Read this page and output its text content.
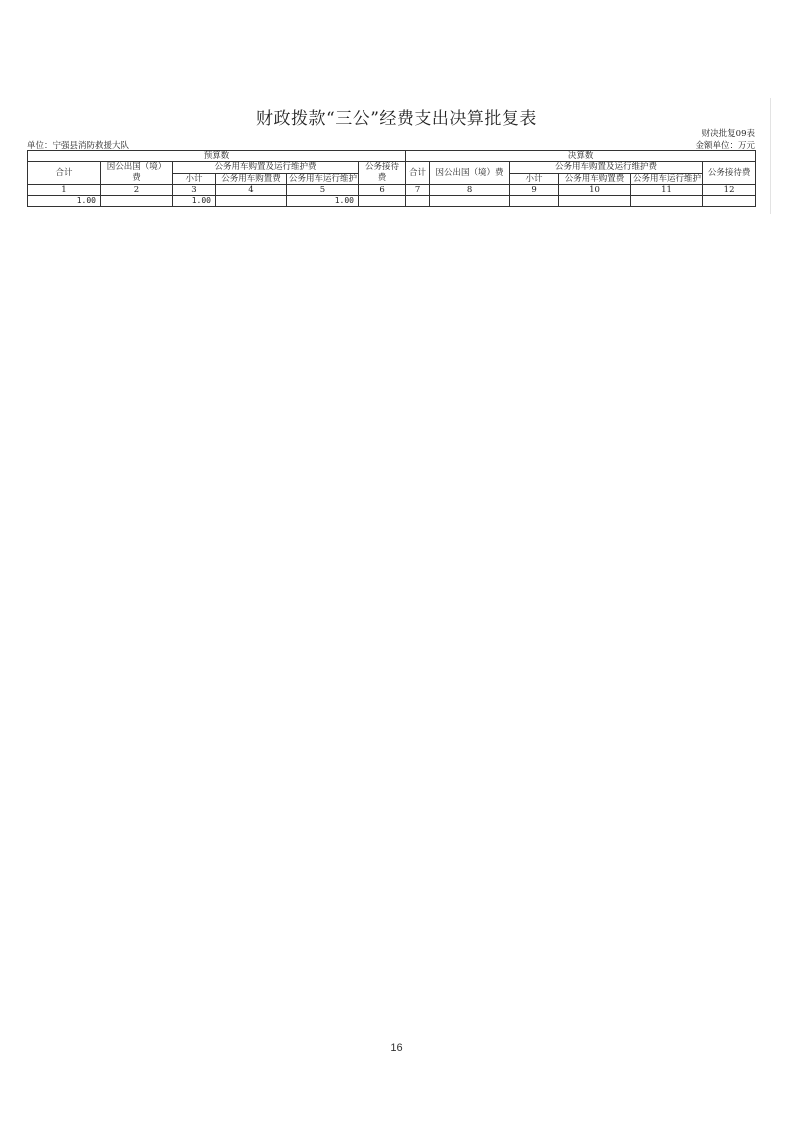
财政拨款“三公”经费支出决算批复表
财决批复09表
单位：宁强县消防救援大队	金额单位：万元
预算数						决算数					
合计	因公出国（境）费	公务用车购置及运行维护费			公务接待费	合计	因公出国（境）费	公务用车购置及运行维护费			公务接待费
		小计	公务用车购置费	公务用车运行维护				小计	公务用车购置费	公务用车运行维护	
1	2	3	4	5	6	7	8	9	10	11	12
1.00		1.00		1.00							
16
